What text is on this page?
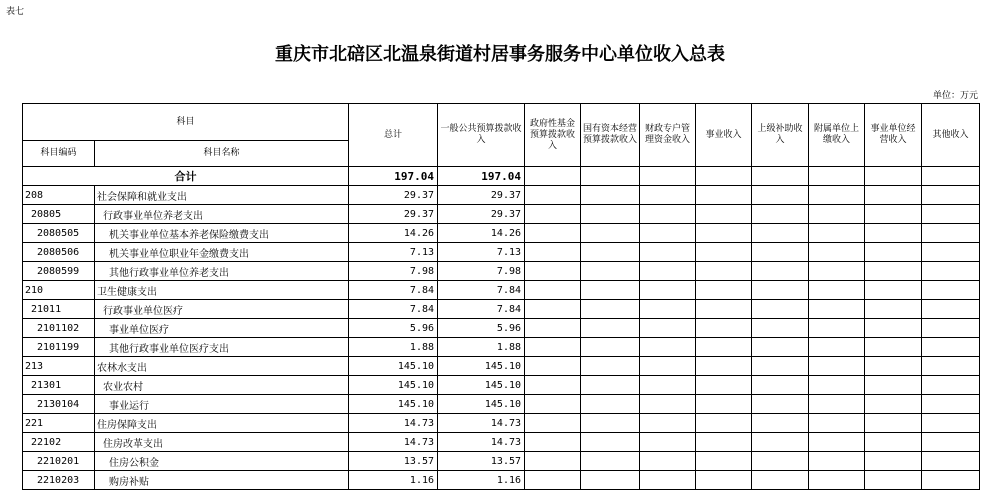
表七
重庆市北碚区北温泉街道村居事务服务中心单位收入总表
单位：万元
科目		总计	一般公共预算拨款收入	政府性基金预算拨款收入	国有资本经营预算拨款收入	财政专户管理资金收入	事业收入	上级补助收入	附属单位上缴收入	事业单位经营收入	其他收入
科目编码	科目名称										
合计		197.04	197.04								
208	社会保障和就业支出	29.37	29.37								
20805	行政事业单位养老支出	29.37	29.37								
2080505	机关事业单位基本养老保险缴费支出	14.26	14.26								
2080506	机关事业单位职业年金缴费支出	7.13	7.13								
2080599	其他行政事业单位养老支出	7.98	7.98								
210	卫生健康支出	7.84	7.84								
21011	行政事业单位医疗	7.84	7.84								
2101102	事业单位医疗	5.96	5.96								
2101199	其他行政事业单位医疗支出	1.88	1.88								
213	农林水支出	145.10	145.10								
21301	农业农村	145.10	145.10								
2130104	事业运行	145.10	145.10								
221	住房保障支出	14.73	14.73								
22102	住房改革支出	14.73	14.73								
2210201	住房公积金	13.57	13.57								
2210203	购房补贴	1.16	1.16								
